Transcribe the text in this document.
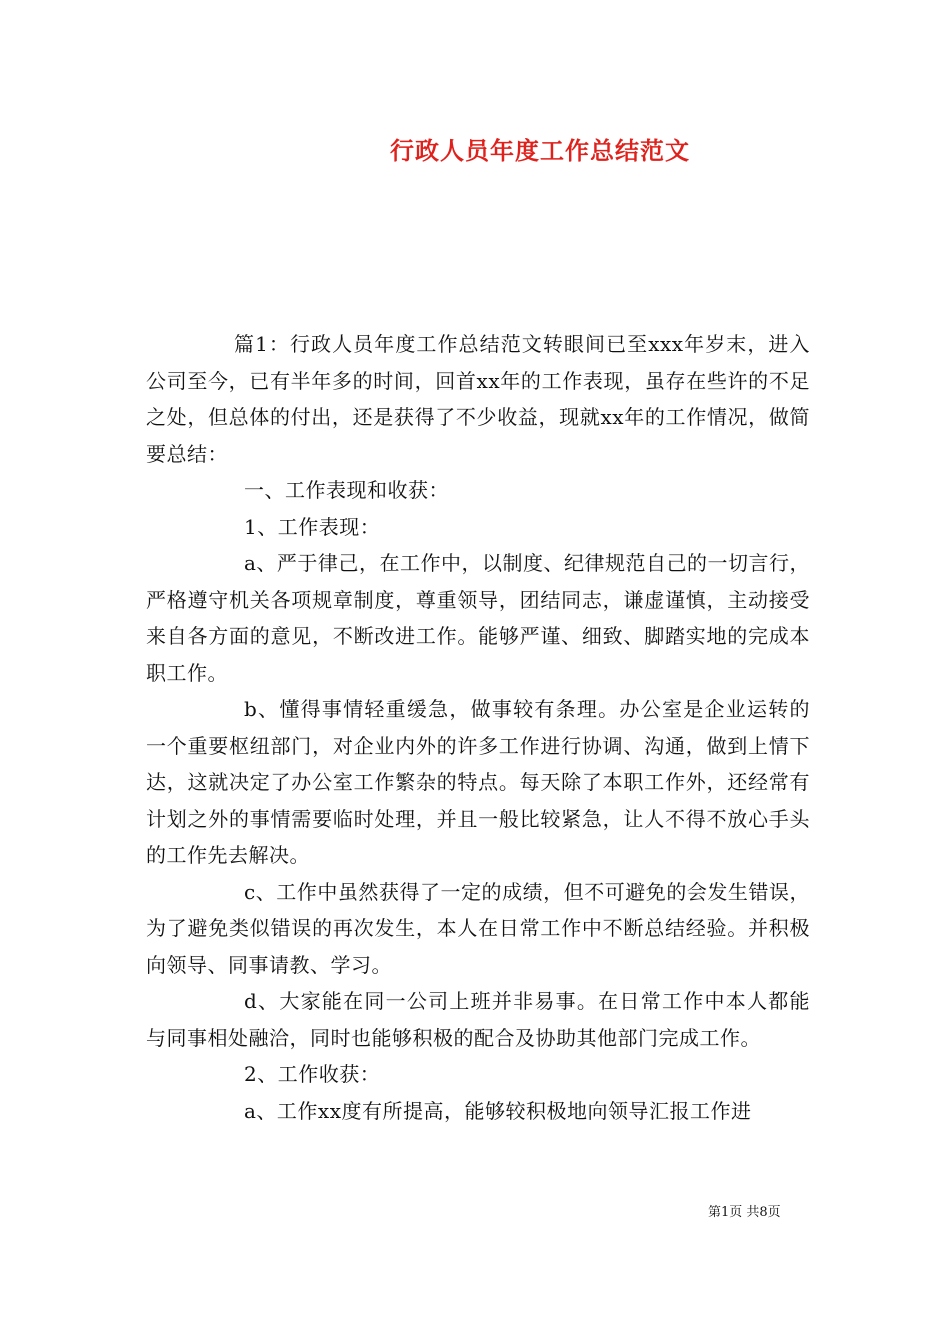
行政人员年度工作总结范文

篇1：行政人员年度工作总结范文转眼间已至xxx年岁末，进入公司至今，已有半年多的时间，回首xx年的工作表现，虽存在些许的不足之处，但总体的付出，还是获得了不少收益，现就xx年的工作情况，做简要总结：

一、工作表现和收获：

1、工作表现：

a、严于律己，在工作中，以制度、纪律规范自己的一切言行，严格遵守机关各项规章制度，尊重领导，团结同志，谦虚谨慎，主动接受来自各方面的意见，不断改进工作。能够严谨、细致、脚踏实地的完成本职工作。

b、懂得事情轻重缓急，做事较有条理。办公室是企业运转的一个重要枢纽部门，对企业内外的许多工作进行协调、沟通，做到上情下达，这就决定了办公室工作繁杂的特点。每天除了本职工作外，还经常有计划之外的事情需要临时处理，并且一般比较紧急，让人不得不放心手头的工作先去解决。

c、工作中虽然获得了一定的成绩，但不可避免的会发生错误，为了避免类似错误的再次发生，本人在日常工作中不断总结经验。并积极向领导、同事请教、学习。

d、大家能在同一公司上班并非易事。在日常工作中本人都能与同事相处融洽，同时也能够积极的配合及协助其他部门完成工作。

2、工作收获：

a、工作xx度有所提高，能够较积极地向领导汇报工作进

第1页 共8页
